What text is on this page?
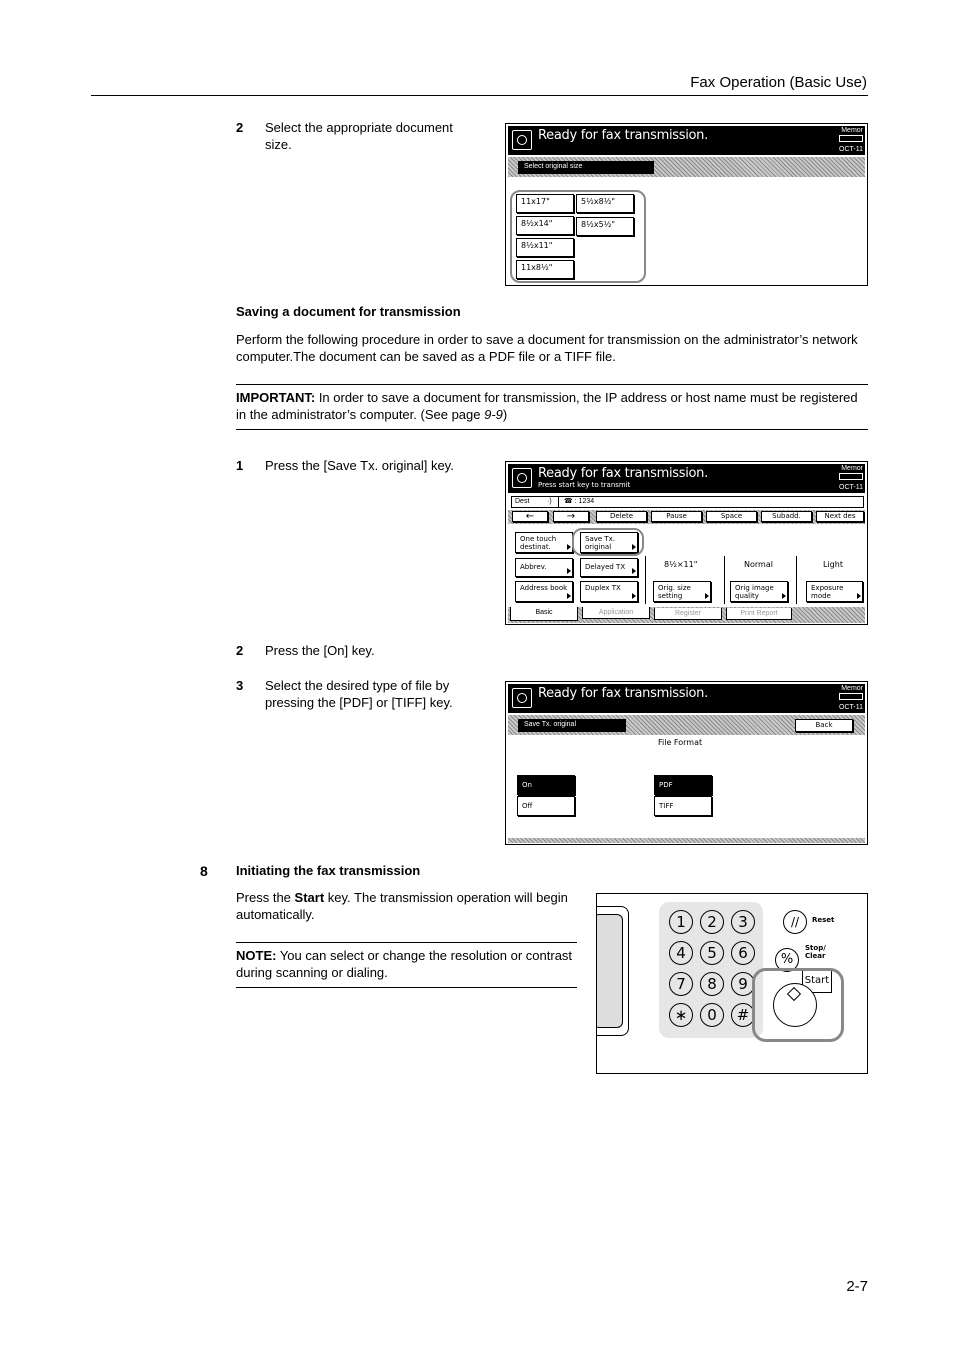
Fax Operation (Basic Use)
2 Select the appropriate document size.
Ready for fax transmission.	Memor
OCT-11
Select original size
11x17"
8½x14"
8½x11"
11x8½"
5½x8½"
8½x5½"
Saving a document for transmission
Perform the following procedure in order to save a document for transmission on the administrator’s network computer.The document can be saved as a PDF file or a TIFF file.
IMPORTANT: In order to save a document for transmission, the IP address or host name must be registered in the administrator’s computer. (See page 9-9)
1 Press the [Save Tx. original] key.
Ready for fax transmission.
Press start key to transmit
Memor
OCT-11
Dest	·) ☎ : 1234
←	→	Delete	Pause	Space	Subadd.	Next des
One touch destinat.
Save Tx. original
Abbrev.	Delayed TX
Address book	Duplex TX
8½×11"	Normal	Light
Orig. size setting
Orig image quality
Exposure mode
Basic	Application	Register	Print Report
2 Press the [On] key.
3 Select the desired type of file by pressing the [PDF] or [TIFF] key.
Ready for fax transmission.	Memor
OCT-11
Save Tx. original	Back
File Format
On
Off
PDF
TIFF
8 Initiating the fax transmission
Press the Start key. The transmission operation will begin automatically.
NOTE: You can select or change the resolution or contrast during scanning or dialing.
1	2	3
4	5	6
7	8	9
∗	0	#
//	Reset
%
Stop/ Clear
Start
2-7
